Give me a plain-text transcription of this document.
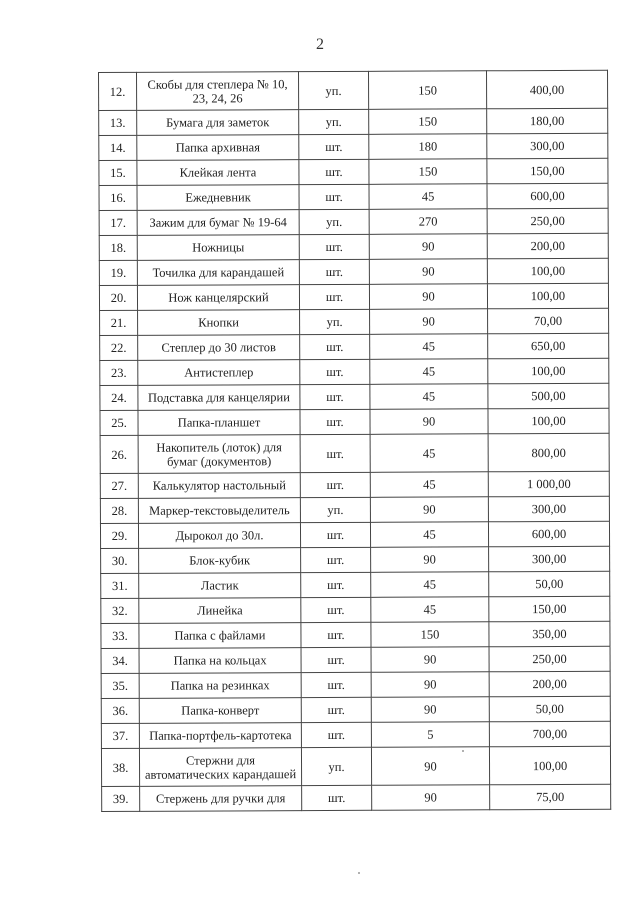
2
12.	Скобы для степлера № 10, 23, 24, 26	уп.	150	400,00
13.	Бумага для заметок	уп.	150	180,00
14.	Папка архивная	шт.	180	300,00
15.	Клейкая лента	шт.	150	150,00
16.	Ежедневник	шт.	45	600,00
17.	Зажим для бумаг № 19-64	уп.	270	250,00
18.	Ножницы	шт.	90	200,00
19.	Точилка для карандашей	шт.	90	100,00
20.	Нож канцелярский	шт.	90	100,00
21.	Кнопки	уп.	90	70,00
22.	Степлер до 30 листов	шт.	45	650,00
23.	Антистеплер	шт.	45	100,00
24.	Подставка для канцелярии	шт.	45	500,00
25.	Папка-планшет	шт.	90	100,00
26.	Накопитель (лоток) для бумаг (документов)	шт.	45	800,00
27.	Калькулятор настольный	шт.	45	1 000,00
28.	Маркер-текстовыделитель	уп.	90	300,00
29.	Дырокол до 30л.	шт.	45	600,00
30.	Блок-кубик	шт.	90	300,00
31.	Ластик	шт.	45	50,00
32.	Линейка	шт.	45	150,00
33.	Папка с файлами	шт.	150	350,00
34.	Папка на кольцах	шт.	90	250,00
35.	Папка на резинках	шт.	90	200,00
36.	Папка-конверт	шт.	90	50,00
37.	Папка-портфель-картотека	шт.	5	700,00
38.	Стержни для автоматических карандашей	уп.	90	100,00
39.	Стержень для ручки для	шт.	90	75,00
